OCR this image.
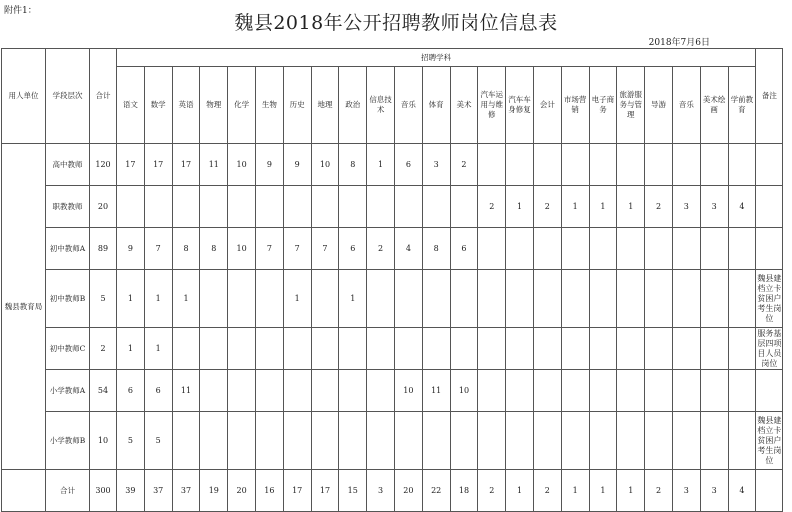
附件1：
魏县2018年公开招聘教师岗位信息表
2018年7月6日
用人单位	学段层次	合计	招聘学科																							备注
			语文	数学	英语	物理	化学	生物	历史	地理	政治	信息技术	音乐	体育	美术	汽车运用与维修	汽车车身修复	会计	市场营销	电子商务	旅游服务与管理	导游	音乐	美术绘画	学前教育	
魏县教育局	高中教师	120	17	17	17	11	10	9	9	10	8	1	6	3	2											
	职教教师	20														2	1	2	1	1	1	2	3	3	4	
	初中教师A	89	9	7	8	8	10	7	7	7	6	2	4	8	6											
	初中教师B	5	1	1	1				1		1															魏县建档立卡贫困户考生岗位
	初中教师C	2	1	1																						服务基层四项目人员岗位
	小学教师A	54	6	6	11								10	11	10											
	小学教师B	10	5	5																						魏县建档立卡贫困户考生岗位
	合计	300	39	37	37	19	20	16	17	17	15	3	20	22	18	2	1	2	1	1	1	2	3	3	4	
